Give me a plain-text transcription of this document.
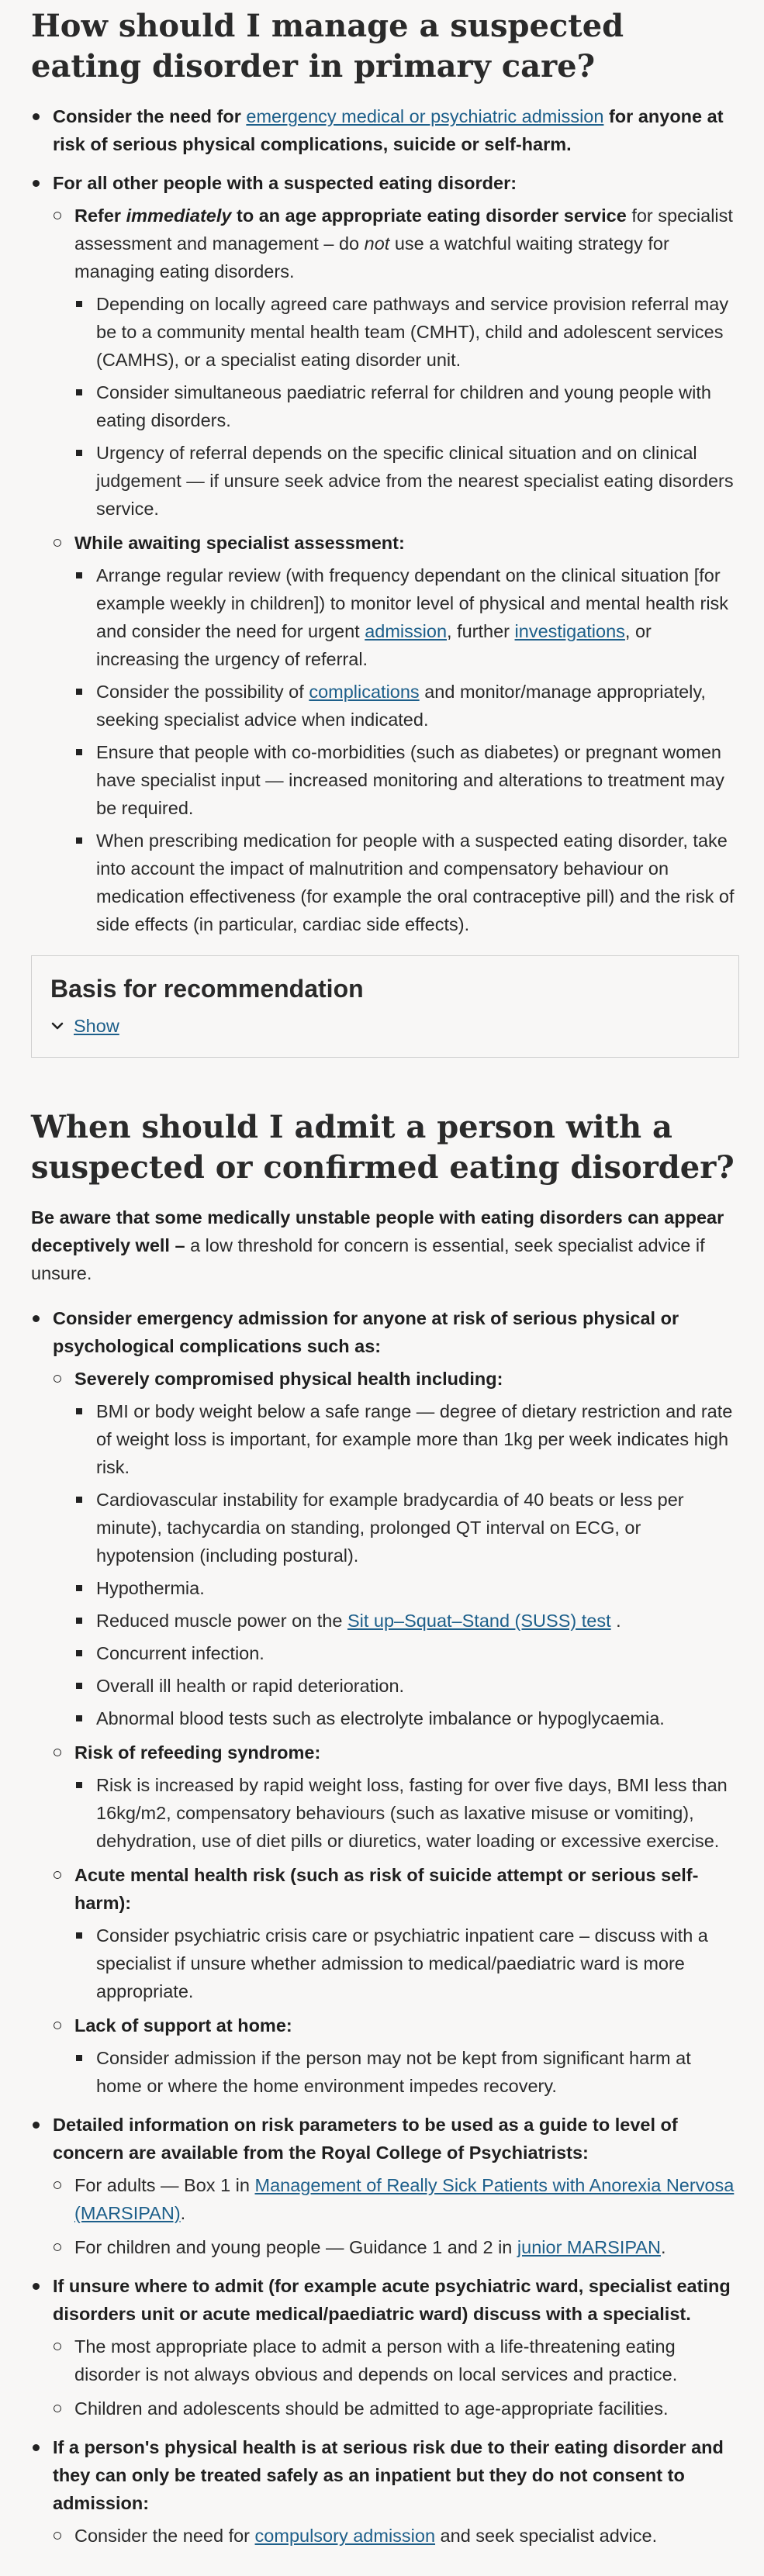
How should I manage a suspected eating disorder in primary care?
Consider the need for emergency medical or psychiatric admission for anyone at risk of serious physical complications, suicide or self-harm.
For all other people with a suspected eating disorder:
Refer immediately to an age appropriate eating disorder service for specialist assessment and management – do not use a watchful waiting strategy for managing eating disorders.
Depending on locally agreed care pathways and service provision referral may be to a community mental health team (CMHT), child and adolescent services (CAMHS), or a specialist eating disorder unit.
Consider simultaneous paediatric referral for children and young people with eating disorders.
Urgency of referral depends on the specific clinical situation and on clinical judgement — if unsure seek advice from the nearest specialist eating disorders service.
While awaiting specialist assessment:
Arrange regular review (with frequency dependant on the clinical situation [for example weekly in children]) to monitor level of physical and mental health risk and consider the need for urgent admission, further investigations, or increasing the urgency of referral.
Consider the possibility of complications and monitor/manage appropriately, seeking specialist advice when indicated.
Ensure that people with co-morbidities (such as diabetes) or pregnant women have specialist input — increased monitoring and alterations to treatment may be required.
When prescribing medication for people with a suspected eating disorder, take into account the impact of malnutrition and compensatory behaviour on medication effectiveness (for example the oral contraceptive pill) and the risk of side effects (in particular, cardiac side effects).
Basis for recommendation
Show
When should I admit a person with a suspected or confirmed eating disorder?

Be aware that some medically unstable people with eating disorders can appear deceptively well – a low threshold for concern is essential, seek specialist advice if unsure.

Consider emergency admission for anyone at risk of serious physical or psychological complications such as:
Severely compromised physical health including:
BMI or body weight below a safe range — degree of dietary restriction and rate of weight loss is important, for example more than 1kg per week indicates high risk.
Cardiovascular instability for example bradycardia of 40 beats or less per minute), tachycardia on standing, prolonged QT interval on ECG, or hypotension (including postural).
Hypothermia.
Reduced muscle power on the Sit up–Squat–Stand (SUSS) test .
Concurrent infection.
Overall ill health or rapid deterioration.
Abnormal blood tests such as electrolyte imbalance or hypoglycaemia.
Risk of refeeding syndrome:
Risk is increased by rapid weight loss, fasting for over five days, BMI less than 16kg/m2, compensatory behaviours (such as laxative misuse or vomiting), dehydration, use of diet pills or diuretics, water loading or excessive exercise.
Acute mental health risk (such as risk of suicide attempt or serious self-harm):
Consider psychiatric crisis care or psychiatric inpatient care – discuss with a specialist if unsure whether admission to medical/paediatric ward is more appropriate.
Lack of support at home:
Consider admission if the person may not be kept from significant harm at home or where the home environment impedes recovery.
Detailed information on risk parameters to be used as a guide to level of concern are available from the Royal College of Psychiatrists:
For adults — Box 1 in Management of Really Sick Patients with Anorexia Nervosa (MARSIPAN).
For children and young people — Guidance 1 and 2 in junior MARSIPAN.
If unsure where to admit (for example acute psychiatric ward, specialist eating disorders unit or acute medical/paediatric ward) discuss with a specialist.
The most appropriate place to admit a person with a life-threatening eating disorder is not always obvious and depends on local services and practice.
Children and adolescents should be admitted to age-appropriate facilities.
If a person's physical health is at serious risk due to their eating disorder and they can only be treated safely as an inpatient but they do not consent to admission:
Consider the need for compulsory admission and seek specialist advice.
